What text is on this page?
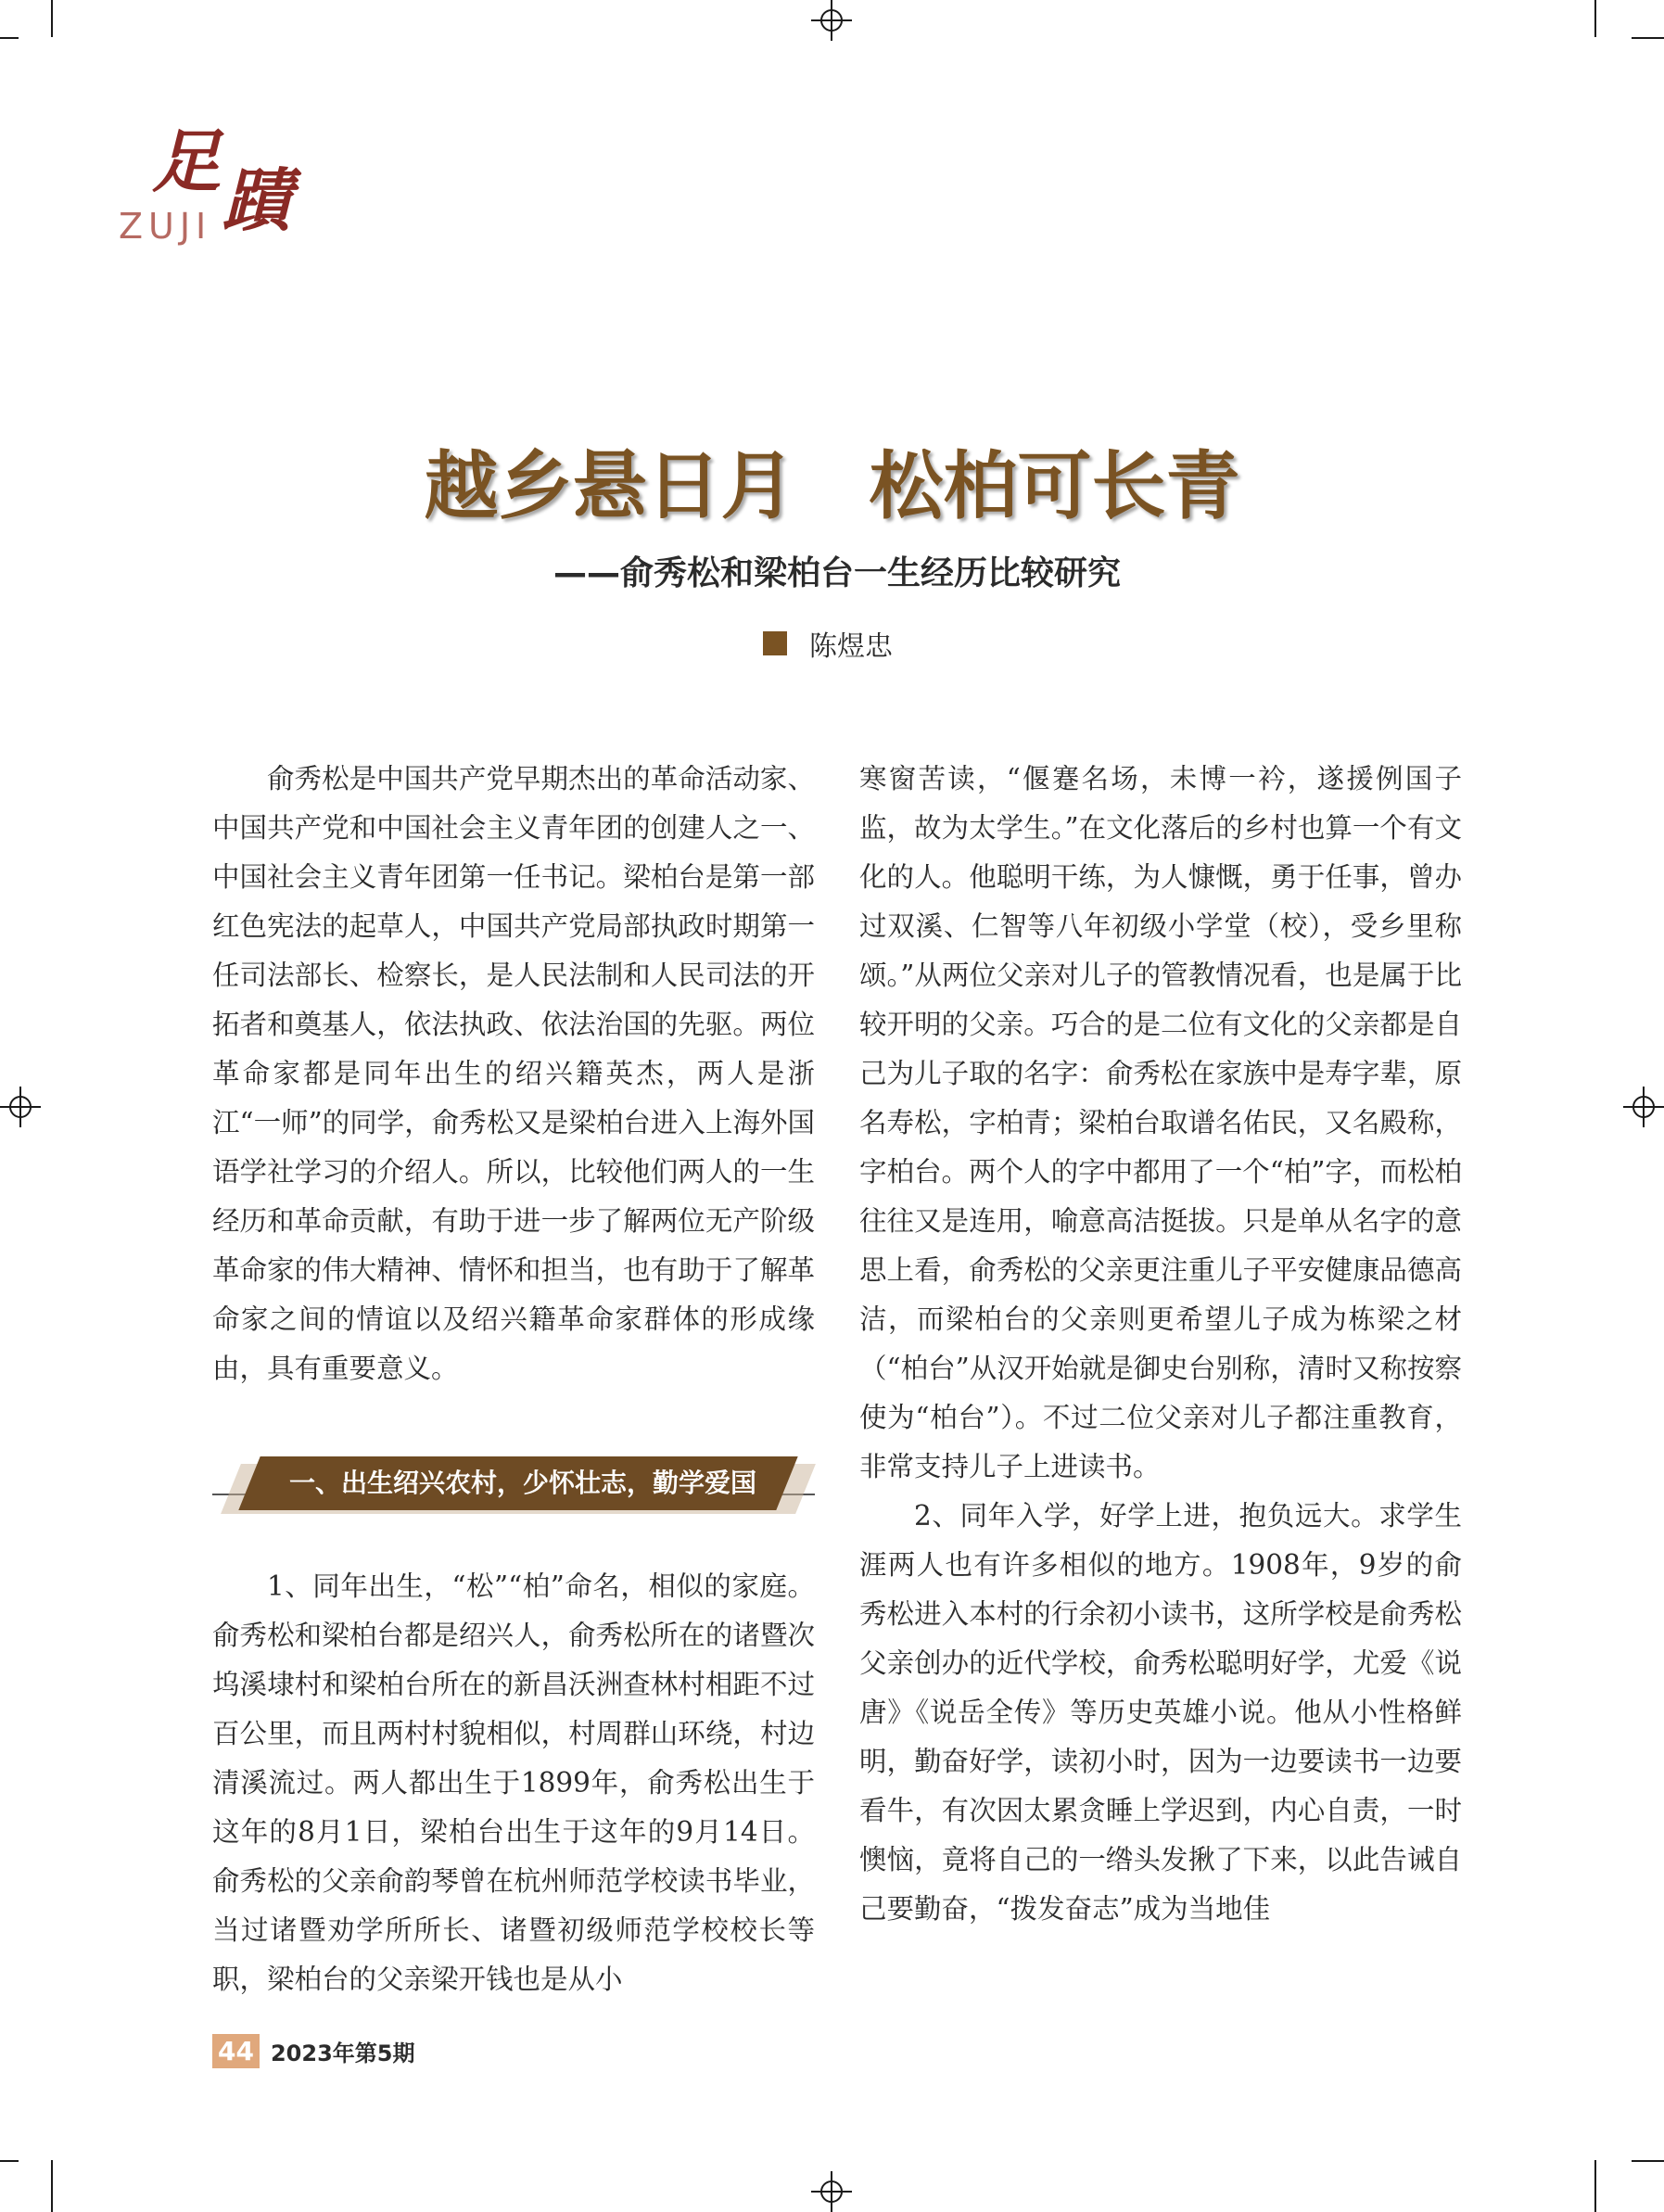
足 蹟
ZUJI
越乡悬日月　松柏可长青
——俞秀松和梁柏台一生经历比较研究
陈煜忠

俞秀松是中国共产党早期杰出的革命活动家、中国共产党和中国社会主义青年团的创建人之一、中国社会主义青年团第一任书记。梁柏台是第一部红色宪法的起草人，中国共产党局部执政时期第一任司法部长、检察长，是人民法制和人民司法的开拓者和奠基人，依法执政、依法治国的先驱。两位革命家都是同年出生的绍兴籍英杰，两人是浙江“一师”的同学，俞秀松又是梁柏台进入上海外国语学社学习的介绍人。所以，比较他们两人的一生经历和革命贡献，有助于进一步了解两位无产阶级革命家的伟大精神、情怀和担当，也有助于了解革命家之间的情谊以及绍兴籍革命家群体的形成缘由，具有重要意义。

一、出生绍兴农村，少怀壮志，勤学爱国

1、同年出生，“松”“柏”命名，相似的家庭。俞秀松和梁柏台都是绍兴人，俞秀松所在的诸暨次坞溪埭村和梁柏台所在的新昌沃洲查林村相距不过百公里，而且两村村貌相似，村周群山环绕，村边清溪流过。两人都出生于1899年，俞秀松出生于这年的8月1日，梁柏台出生于这年的9月14日。俞秀松的父亲俞韵琴曾在杭州师范学校读书毕业，当过诸暨劝学所所长、诸暨初级师范学校校长等职，梁柏台的父亲梁开钱也是从小

寒窗苦读，“偃蹇名场，未博一衿，遂援例国子监，故为太学生。”在文化落后的乡村也算一个有文化的人。他聪明干练，为人慷慨，勇于任事，曾办过双溪、仁智等八年初级小学堂（校），受乡里称颂。”从两位父亲对儿子的管教情况看，也是属于比较开明的父亲。巧合的是二位有文化的父亲都是自己为儿子取的名字：俞秀松在家族中是寿字辈，原名寿松，字柏青；梁柏台取谱名佑民，又名殿称，字柏台。两个人的字中都用了一个“柏”字，而松柏往往又是连用，喻意高洁挺拔。只是单从名字的意思上看，俞秀松的父亲更注重儿子平安健康品德高洁，而梁柏台的父亲则更希望儿子成为栋梁之材（“柏台”从汉开始就是御史台别称，清时又称按察使为“柏台”）。不过二位父亲对儿子都注重教育，非常支持儿子上进读书。

2、同年入学，好学上进，抱负远大。求学生涯两人也有许多相似的地方。1908年，9岁的俞秀松进入本村的行余初小读书，这所学校是俞秀松父亲创办的近代学校，俞秀松聪明好学，尤爱《说唐》《说岳全传》等历史英雄小说。他从小性格鲜明，勤奋好学，读初小时，因为一边要读书一边要看牛，有次因太累贪睡上学迟到，内心自责，一时懊恼，竟将自己的一绺头发揪了下来，以此告诫自己要勤奋，“拨发奋志”成为当地佳

44 2023年第5期
